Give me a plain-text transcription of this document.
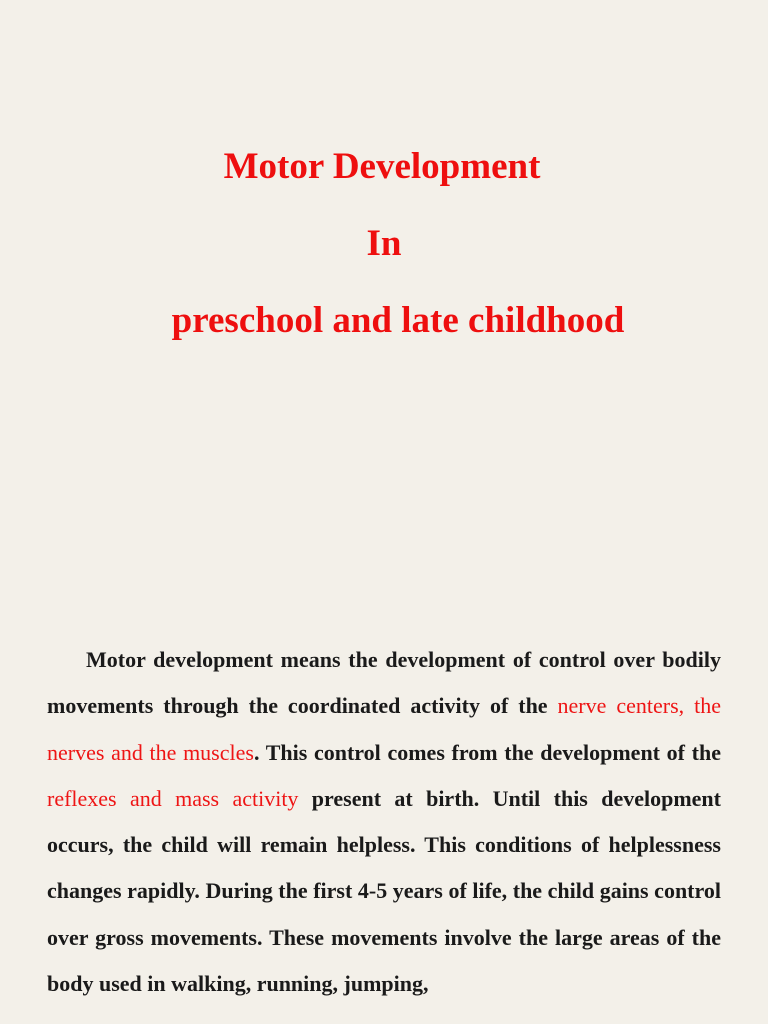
Motor Development
In
preschool and late childhood

Motor development means the development of control over bodily movements through the coordinated activity of the nerve centers, the nerves and the muscles. This control comes from the development of the reflexes and mass activity present at birth. Until this development occurs, the child will remain helpless. This conditions of helplessness changes rapidly. During the first 4-5 years of life, the child gains control over gross movements. These movements involve the large areas of the body used in walking, running, jumping,
